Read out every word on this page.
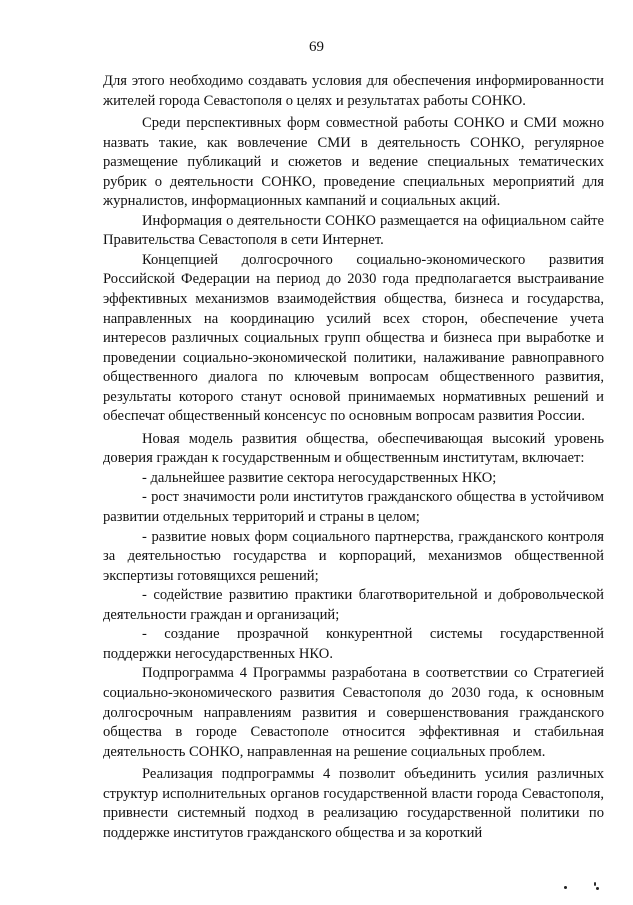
69

Для этого необходимо создавать условия для обеспечения информированности жителей города Севастополя о целях и результатах работы СОНКО.

Среди перспективных форм совместной работы СОНКО и СМИ можно назвать такие, как вовлечение СМИ в деятельность СОНКО, регулярное размещение публикаций и сюжетов и ведение специальных тематических рубрик о деятельности СОНКО, проведение специальных мероприятий для журналистов, информационных кампаний и социальных акций.

Информация о деятельности СОНКО размещается на официальном сайте Правительства Севастополя в сети Интернет.

Концепцией долгосрочного социально-экономического развития Российской Федерации на период до 2030 года предполагается выстраивание эффективных механизмов взаимодействия общества, бизнеса и государства, направленных на координацию усилий всех сторон, обеспечение учета интересов различных социальных групп общества и бизнеса при выработке и проведении социально-экономической политики, налаживание равноправного общественного диалога по ключевым вопросам общественного развития, результаты которого станут основой принимаемых нормативных решений и обеспечат общественный консенсус по основным вопросам развития России.

Новая модель развития общества, обеспечивающая высокий уровень доверия граждан к государственным и общественным институтам, включает:

- дальнейшее развитие сектора негосударственных НКО;

- рост значимости роли институтов гражданского общества в устойчивом развитии отдельных территорий и страны в целом;

- развитие новых форм социального партнерства, гражданского контроля за деятельностью государства и корпораций, механизмов общественной экспертизы готовящихся решений;

- содействие развитию практики благотворительной и добровольческой деятельности граждан и организаций;

- создание прозрачной конкурентной системы государственной поддержки негосударственных НКО.

Подпрограмма 4 Программы разработана в соответствии со Стратегией социально-экономического развития Севастополя до 2030 года, к основным долгосрочным направлениям развития и совершенствования гражданского общества в городе Севастополе относится эффективная и стабильная деятельность СОНКО, направленная на решение социальных проблем.

Реализация подпрограммы 4 позволит объединить усилия различных структур исполнительных органов государственной власти города Севастополя, привнести системный подход в реализацию государственной политики по поддержке институтов гражданского общества и за короткий
